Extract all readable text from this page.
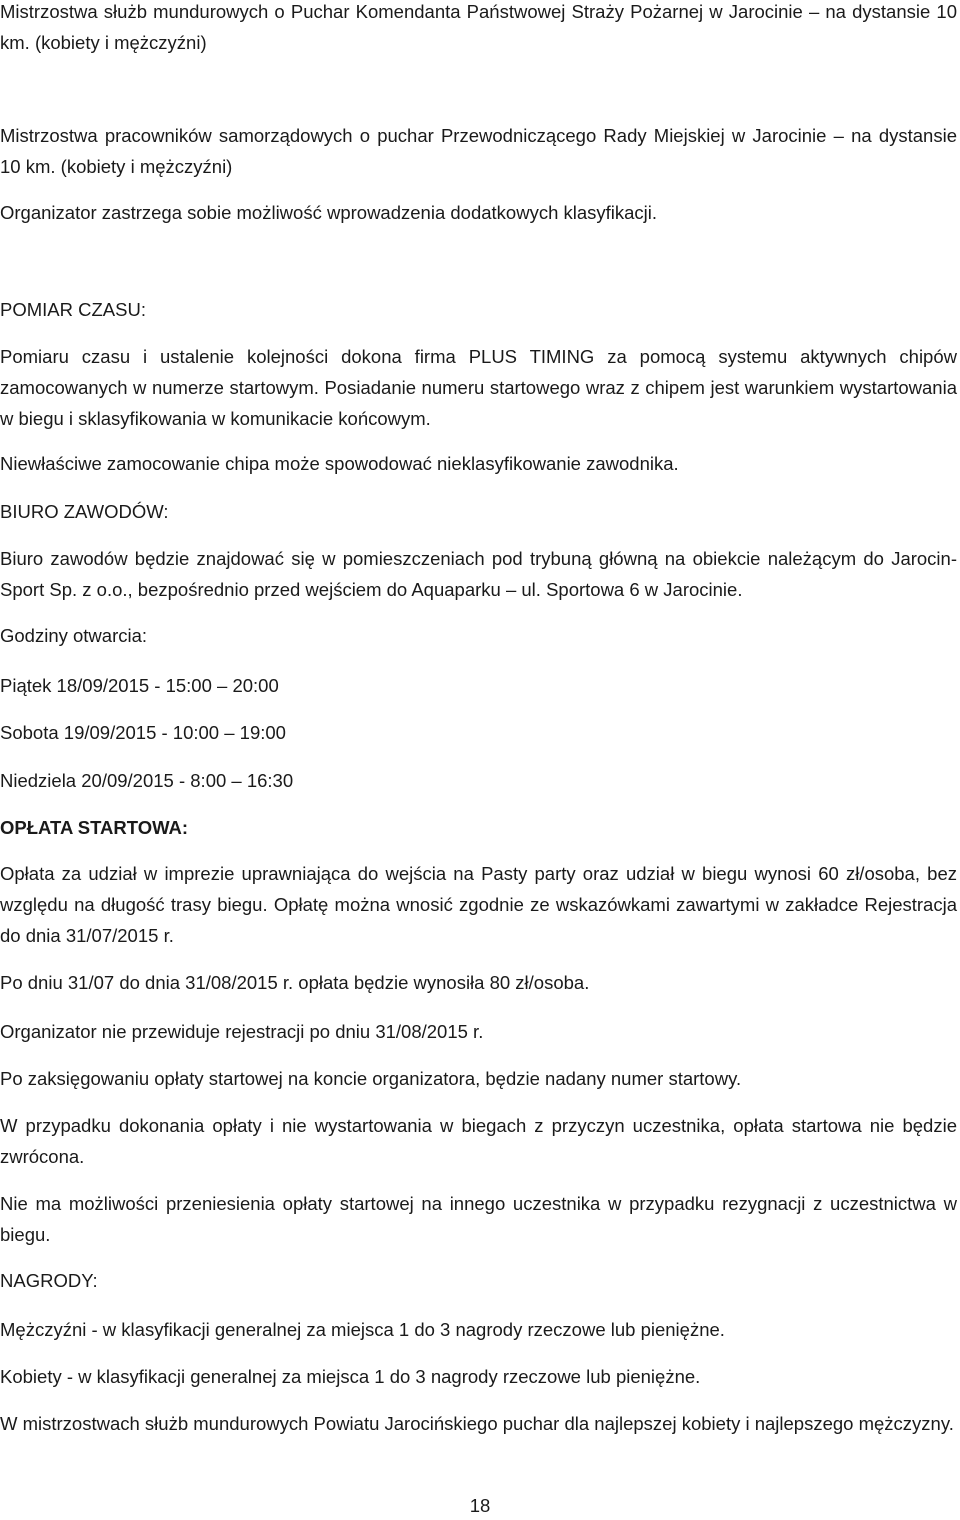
Mistrzostwa służb mundurowych o Puchar Komendanta Państwowej Straży Pożarnej w Jarocinie – na dystansie 10 km. (kobiety i mężczyźni)

Mistrzostwa pracowników samorządowych o puchar Przewodniczącego Rady Miejskiej w Jarocinie – na dystansie 10 km. (kobiety i mężczyźni)

Organizator zastrzega sobie możliwość wprowadzenia dodatkowych klasyfikacji.

POMIAR CZASU:

Pomiaru czasu i ustalenie kolejności dokona firma PLUS TIMING za pomocą systemu aktywnych chipów zamocowanych w numerze startowym. Posiadanie numeru startowego wraz z chipem jest warunkiem wystartowania w biegu i sklasyfikowania w komunikacie końcowym.

Niewłaściwe zamocowanie chipa może spowodować nieklasyfikowanie zawodnika.

BIURO ZAWODÓW:

Biuro zawodów będzie znajdować się w pomieszczeniach pod trybuną główną na obiekcie należącym do Jarocin-Sport Sp. z o.o., bezpośrednio przed wejściem do Aquaparku – ul. Sportowa 6 w Jarocinie.

Godziny otwarcia:

Piątek 18/09/2015 - 15:00 – 20:00

Sobota 19/09/2015 - 10:00 – 19:00

Niedziela 20/09/2015 - 8:00 – 16:30

OPŁATA STARTOWA:

Opłata za udział w imprezie uprawniająca do wejścia na Pasty party oraz udział w biegu wynosi 60 zł/osoba, bez względu na długość trasy biegu. Opłatę można wnosić zgodnie ze wskazówkami zawartymi w zakładce Rejestracja do dnia 31/07/2015 r.

Po dniu 31/07 do dnia 31/08/2015 r. opłata będzie wynosiła 80 zł/osoba.

Organizator nie przewiduje rejestracji po dniu 31/08/2015 r.

Po zaksięgowaniu opłaty startowej na koncie organizatora, będzie nadany numer startowy.

W przypadku dokonania opłaty i nie wystartowania w biegach z przyczyn uczestnika, opłata startowa nie będzie zwrócona.

Nie ma możliwości przeniesienia opłaty startowej na innego uczestnika w przypadku rezygnacji z uczestnictwa w biegu.

NAGRODY:

Mężczyźni - w klasyfikacji generalnej za miejsca 1 do 3 nagrody rzeczowe lub pieniężne.

Kobiety - w klasyfikacji generalnej za miejsca 1 do 3 nagrody rzeczowe lub pieniężne.

W mistrzostwach służb mundurowych Powiatu Jarocińskiego puchar dla najlepszej kobiety i najlepszego mężczyzny.

18
